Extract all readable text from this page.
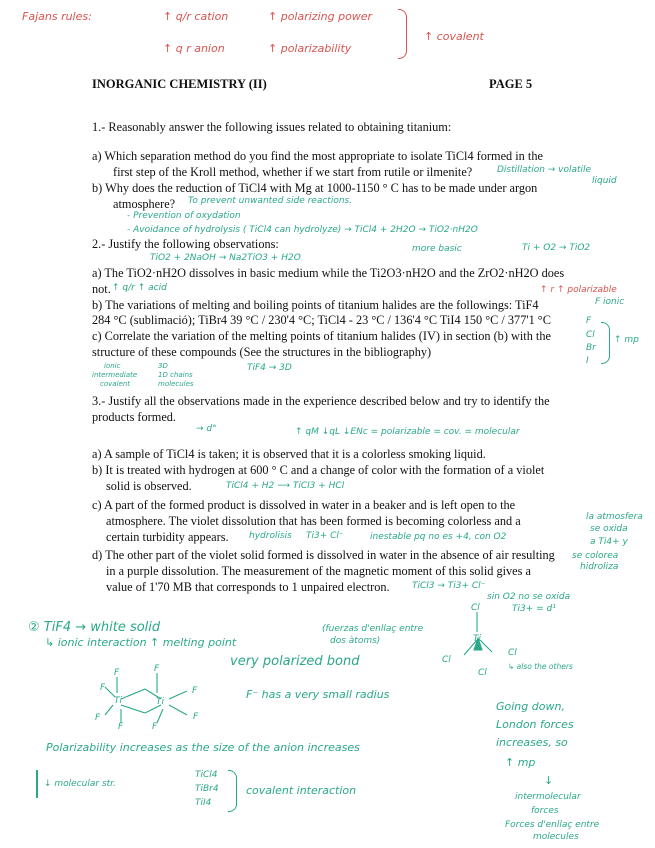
Fajans rules:	↑ q/r cation	↑ polarizing power
↑ q r anion	↑ polarizability
↑ covalent
INORGANIC CHEMISTRY (II)	PAGE 5
1.- Reasonably answer the following issues related to obtaining titanium:
a) Which separation method do you find the most appropriate to isolate TiCl4 formed in the
first step of the Kroll method, whether if we start from rutile or ilmenite?	Distillation → volatile
liquid
b) Why does the reduction of TiCl4 with Mg at 1000-1150 ° C has to be made under argon
atmosphere? To prevent unwanted side reactions.
- Prevention of oxydation
- Avoidance of hydrolysis ( TiCl4 can hydrolyze) → TiCl4 + 2H2O → TiO2·nH2O
2.- Justify the following observations:	more basic	Ti + O2 → TiO2
TiO2 + 2NaOH → Na2TiO3 + H2O
a) The TiO2·nH2O dissolves in basic medium while the Ti2O3·nH2O and the ZrO2·nH2O does
not. ↑ q/r ↑ acid	↑ r ↑ polarizable
b) The variations of melting and boiling points of titanium halides are the followings: TiF4	F ionic
284 °C (sublimació); TiBr4 39 °C / 230'4 °C; TiCl4 - 23 °C / 136'4 °C TiI4 150 °C / 377'1 °C	F
c) Correlate the variation of the melting points of titanium halides (IV) in section (b) with the	Cl ↑ mp
structure of these compounds (See the structures in the bibliography)	Br
I
ionic	3D
intermediate	1D chains
covalent	molecules
TiF4 → 3D
3.- Justify all the observations made in the experience described below and try to identify the
products formed.
→ d°	↑ qM ↓qL ↓ENc = polarizable = cov. = molecular
a) A sample of TiCl4 is taken; it is observed that it is a colorless smoking liquid.
b) It is treated with hydrogen at 600 ° C and a change of color with the formation of a violet
solid is observed.	TiCl4 + H2 ⟶ TiCl3 + HCl
c) A part of the formed product is dissolved in water in a beaker and is left open to the
atmosphere. The violet dissolution that has been formed is becoming colorless and a
certain turbidity appears. hydrolisis Ti3+ Cl⁻	inestable pq no es +4, con O2
la atmosfera
se oxida
a Ti4+ y
se colorea
hidroliza
d) The other part of the violet solid formed is dissolved in water in the absence of air resulting
in a purple dissolution. The measurement of the magnetic moment of this solid gives a
value of 1'70 MB that corresponds to 1 unpaired electron. TiCl3 → Ti3+ Cl⁻
sin O2 no se oxida
Ti3+ = d¹
② TiF4 → white solid
↳ ionic interaction ↑ melting point
(fuerzas d'enllaç entre
dos àtoms)
very polarized bond
F⁻ has a very small radius
F	F
F
Ti	Ti
F
F
F
F	F
Cl
Ti
Cl
Cl
Cl
↳ also the others
Going down,
London forces
increases, so
↑ mp
↓
intermolecular
forces
Forces d'enllaç entre
molecules
Polarizability increases as the size of the anion increases
↓ molecular str.
TiCl4
TiBr4
TiI4
covalent interaction
